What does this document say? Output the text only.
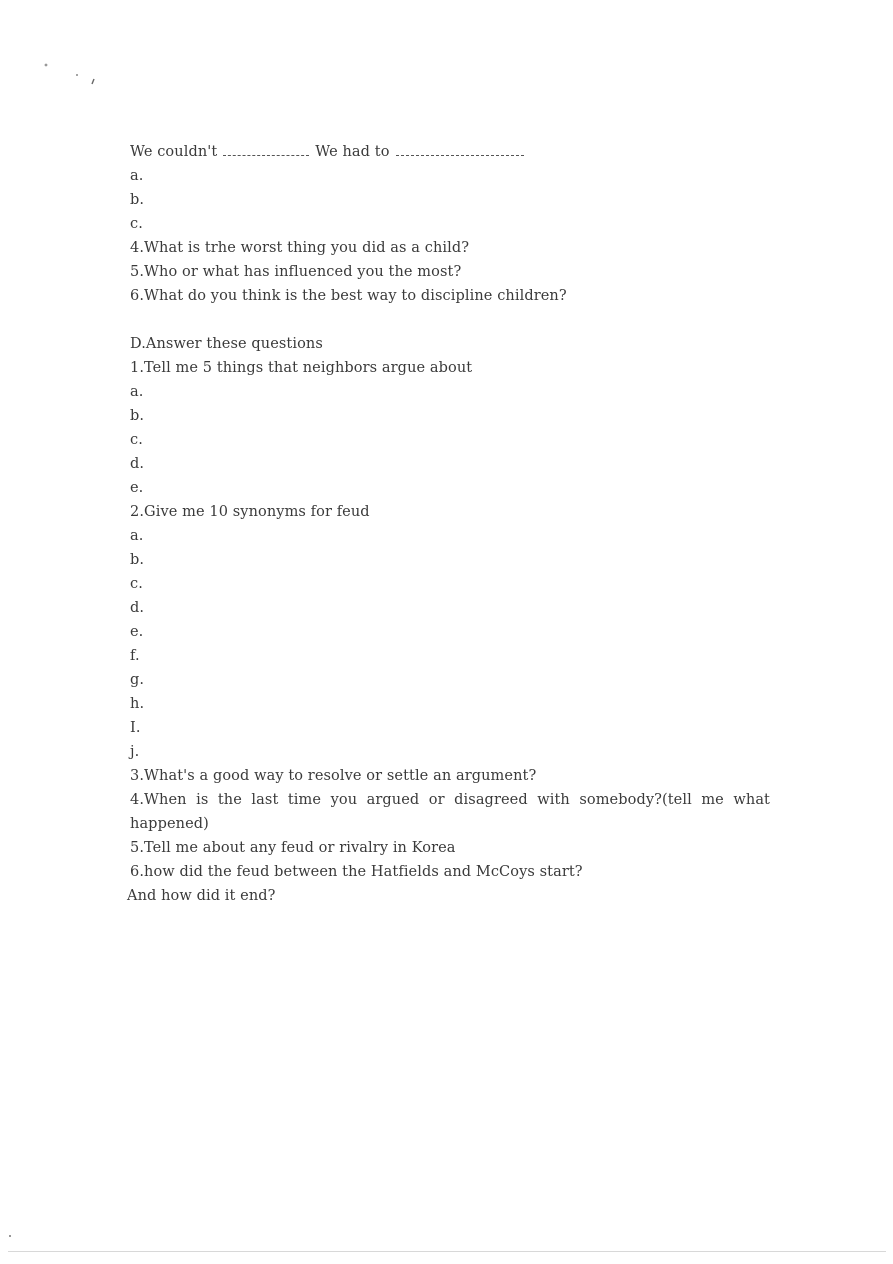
We couldn't	We had to
a.
b.
c.
4.What is trhe worst thing you did as a child?
5.Who or what has influenced you the most?
6.What do you think is the best way to discipline children?
D.Answer these questions
1.Tell me 5 things that neighbors argue about
a.
b.
c.
d.
e.
2.Give me 10 synonyms for feud
a.
b.
c.
d.
e.
f.
g.
h.
I.
j.
3.What's a good way to resolve or settle an argument?
4.When is the last time you argued or disagreed with somebody?(tell me what happened)
5.Tell me about any feud or rivalry in Korea
6.how did the feud between the Hatfields and McCoys start?
And how did it end?
